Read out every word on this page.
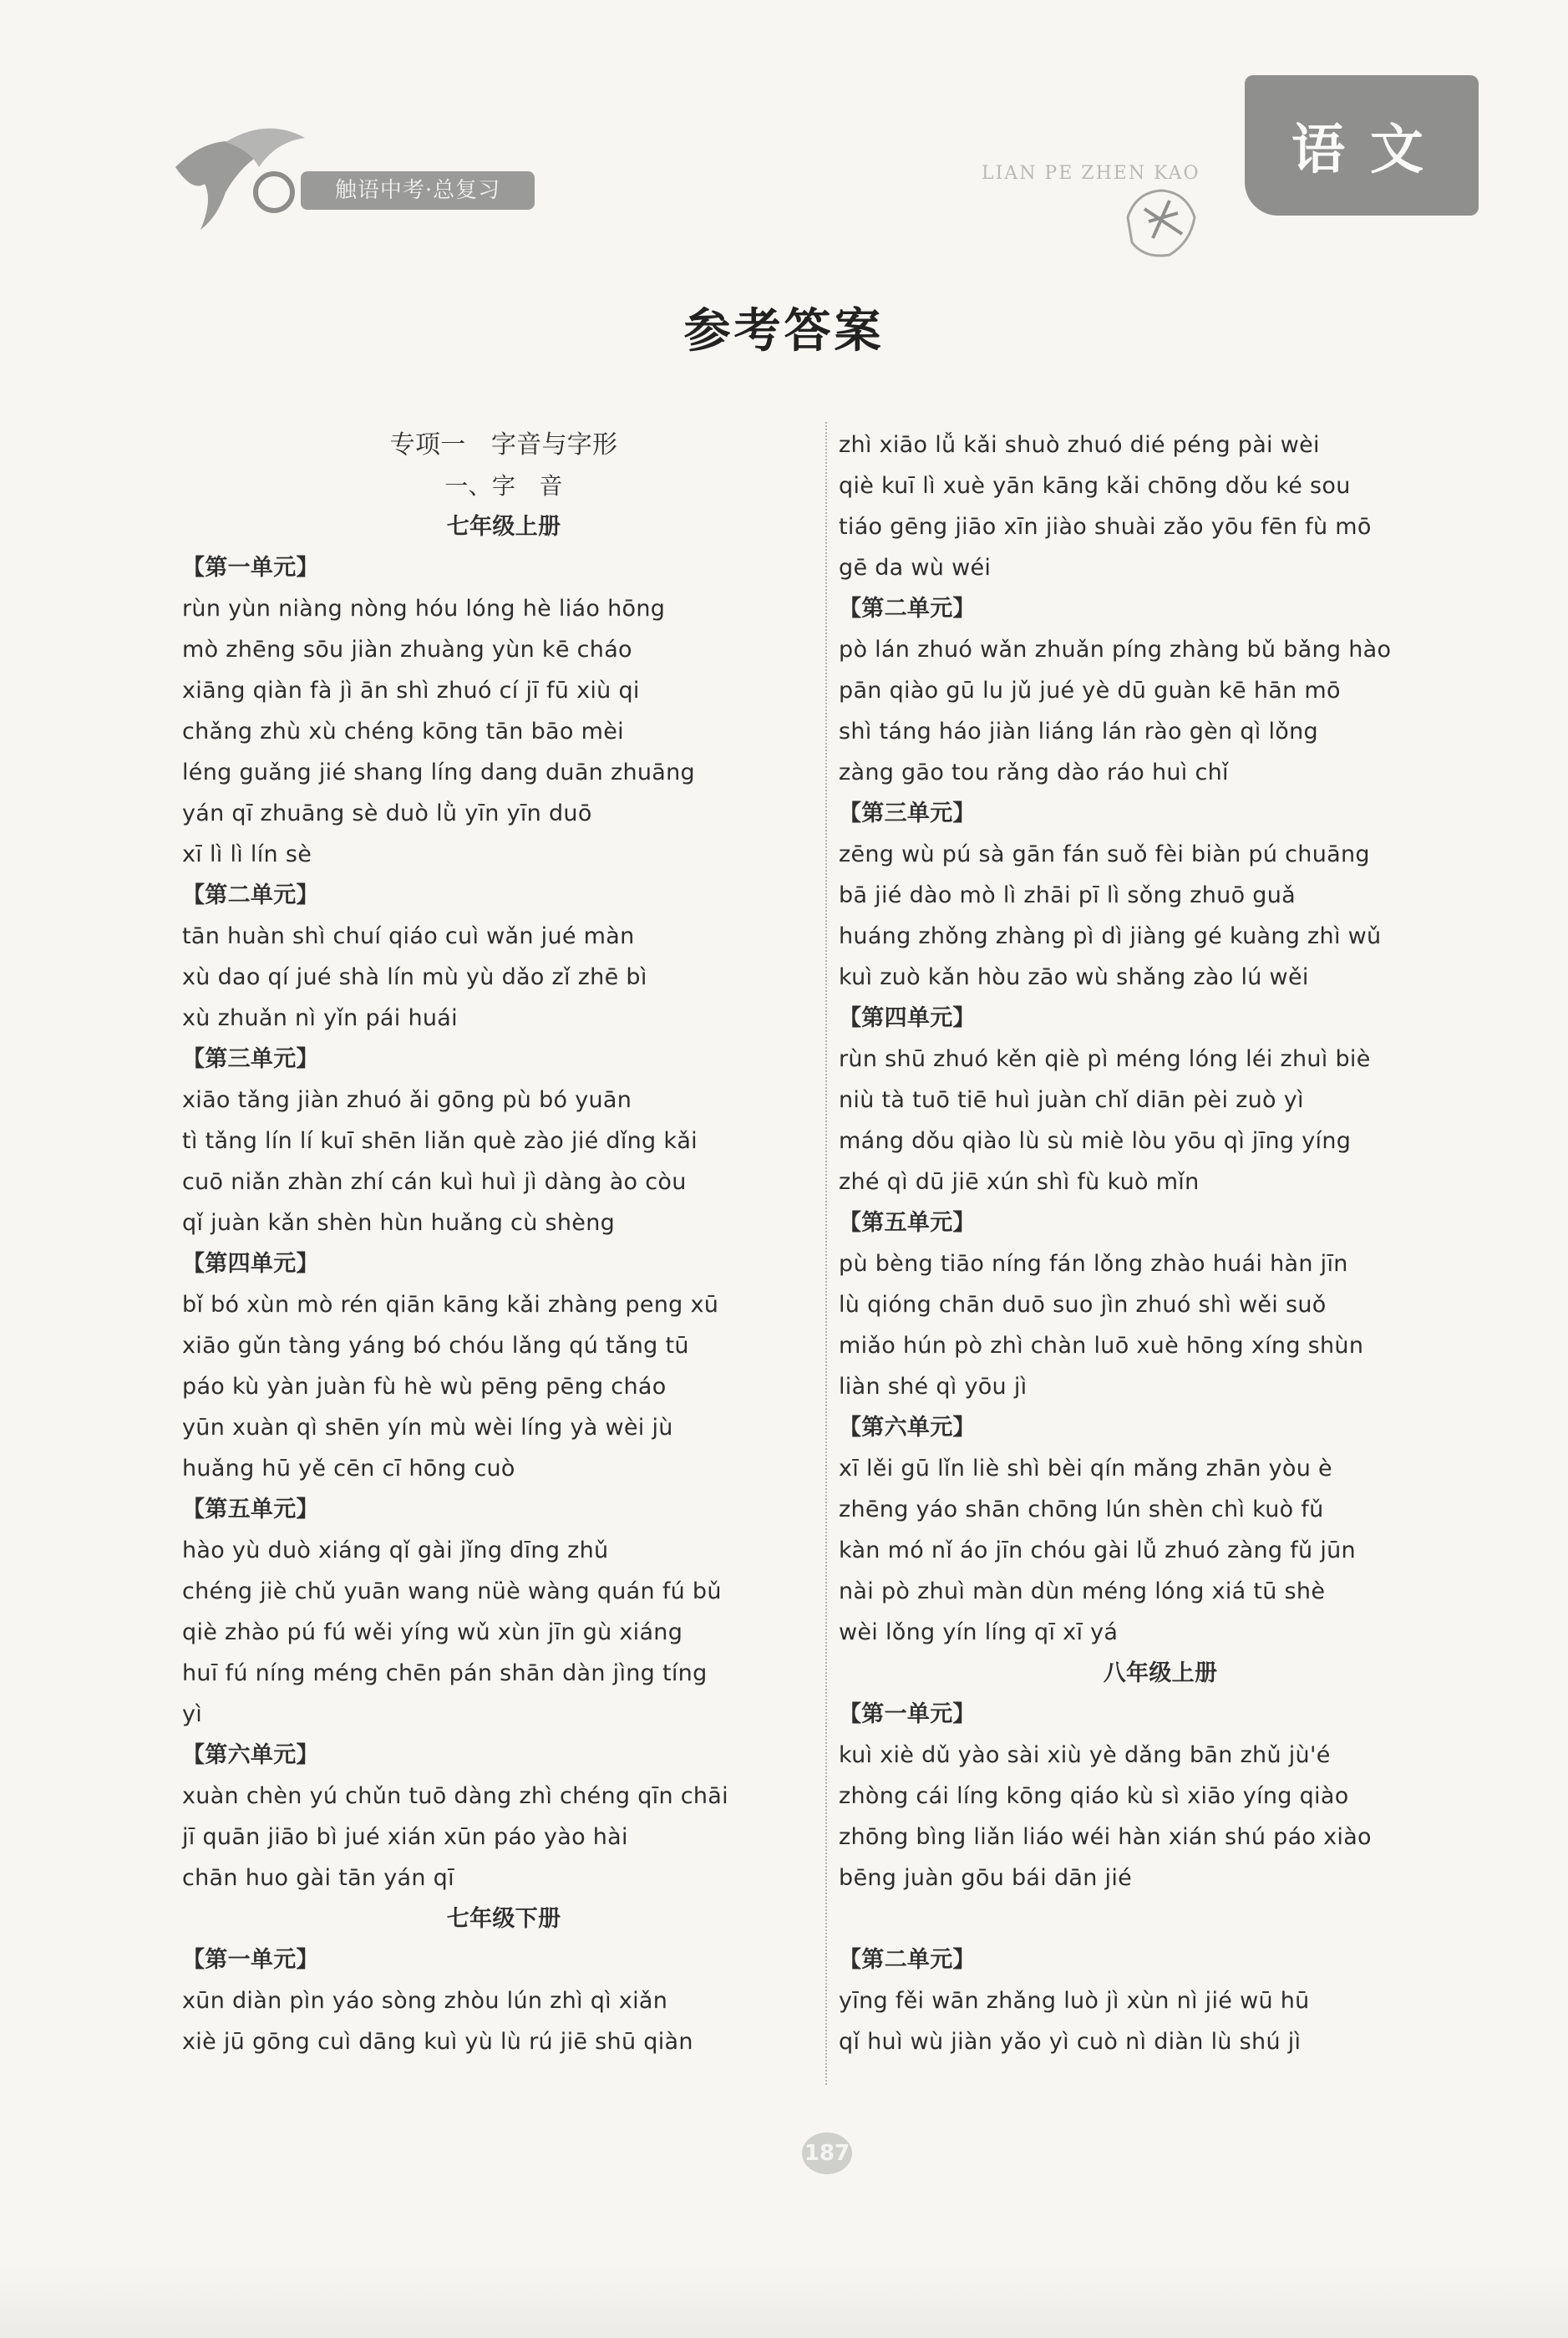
触语中考·总复习
LIAN PE ZHEN KAO	语文
参考答案
专项一　字音与字形
一、字　音
七年级上册
【第一单元】
rùn yùn niàng nòng hóu lóng hè liáo hōng
mò zhēng sōu jiàn zhuàng yùn kē cháo
xiāng qiàn fà jì ān shì zhuó cí jī fū xiù qi
chǎng zhù xù chéng kōng tān bāo mèi
léng guǎng jié shang líng dang duān zhuāng
yán qī zhuāng sè duò lǜ yīn yīn duō
xī lì lì lín sè
【第二单元】
tān huàn shì chuí qiáo cuì wǎn jué màn
xù dao qí jué shà lín mù yù dǎo zǐ zhē bì
xù zhuǎn nì yǐn pái huái
【第三单元】
xiāo tǎng jiàn zhuó ǎi gōng pù bó yuān
tì tǎng lín lí kuī shēn liǎn què zào jié dǐng kǎi
cuō niǎn zhàn zhí cán kuì huì jì dàng ào còu
qǐ juàn kǎn shèn hùn huǎng cù shèng
【第四单元】
bǐ bó xùn mò rén qiān kāng kǎi zhàng peng xū
xiāo gǔn tàng yáng bó chóu lǎng qú tǎng tū
páo kù yàn juàn fù hè wù pēng pēng cháo
yūn xuàn qì shēn yín mù wèi líng yà wèi jù
huǎng hū yě cēn cī hōng cuò
【第五单元】
hào yù duò xiáng qǐ gài jǐng dīng zhǔ
chéng jiè chǔ yuān wang nüè wàng quán fú bǔ
qiè zhào pú fú wěi yíng wǔ xùn jīn gù xiáng
huī fú níng méng chēn pán shān dàn jìng tíng
yì
【第六单元】
xuàn chèn yú chǔn tuō dàng zhì chéng qīn chāi
jī quān jiāo bì jué xián xūn páo yào hài
chān huo gài tān yán qī
七年级下册
【第一单元】
xūn diàn pìn yáo sòng zhòu lún zhì qì xiǎn
xiè jū gōng cuì dāng kuì yù lù rú jiē shū qiàn
zhì xiāo lǚ kǎi shuò zhuó dié péng pài wèi
qiè kuī lì xuè yān kāng kǎi chōng dǒu ké sou
tiáo gēng jiāo xīn jiào shuài zǎo yōu fēn fù mō
gē da wù wéi
【第二单元】
pò lán zhuó wǎn zhuǎn píng zhàng bǔ bǎng hào
pān qiào gū lu jǔ jué yè dū guàn kē hān mō
shì táng háo jiàn liáng lán rào gèn qì lǒng
zàng gāo tou rǎng dào ráo huì chǐ
【第三单元】
zēng wù pú sà gān fán suǒ fèi biàn pú chuāng
bā jié dào mò lì zhāi pī lì sǒng zhuō guǎ
huáng zhǒng zhàng pì dì jiàng gé kuàng zhì wǔ
kuì zuò kǎn hòu zāo wù shǎng zào lú wěi
【第四单元】
rùn shū zhuó kěn qiè pì méng lóng léi zhuì biè
niù tà tuō tiē huì juàn chǐ diān pèi zuò yì
máng dǒu qiào lù sù miè lòu yōu qì jīng yíng
zhé qì dū jiē xún shì fù kuò mǐn
【第五单元】
pù bèng tiāo níng fán lǒng zhào huái hàn jīn
lù qióng chān duō suo jìn zhuó shì wěi suǒ
miǎo hún pò zhì chàn luō xuè hōng xíng shùn
liàn shé qì yōu jì
【第六单元】
xī lěi gū lǐn liè shì bèi qín mǎng zhān yòu è
zhēng yáo shān chōng lún shèn chì kuò fǔ
kàn mó nǐ áo jīn chóu gài lǚ zhuó zàng fǔ jūn
nài pò zhuì màn dùn méng lóng xiá tū shè
wèi lǒng yín líng qī xī yá
八年级上册
【第一单元】
kuì xiè dǔ yào sài xiù yè dǎng bān zhǔ jù'é
zhòng cái líng kōng qiáo kù sì xiāo yíng qiào
zhōng bìng liǎn liáo wéi hàn xián shú páo xiào
bēng juàn gōu bái dān jié
【第二单元】
yīng fěi wān zhǎng luò jì xùn nì jié wū hū
qǐ huì wù jiàn yǎo yì cuò nì diàn lù shú jì
187
